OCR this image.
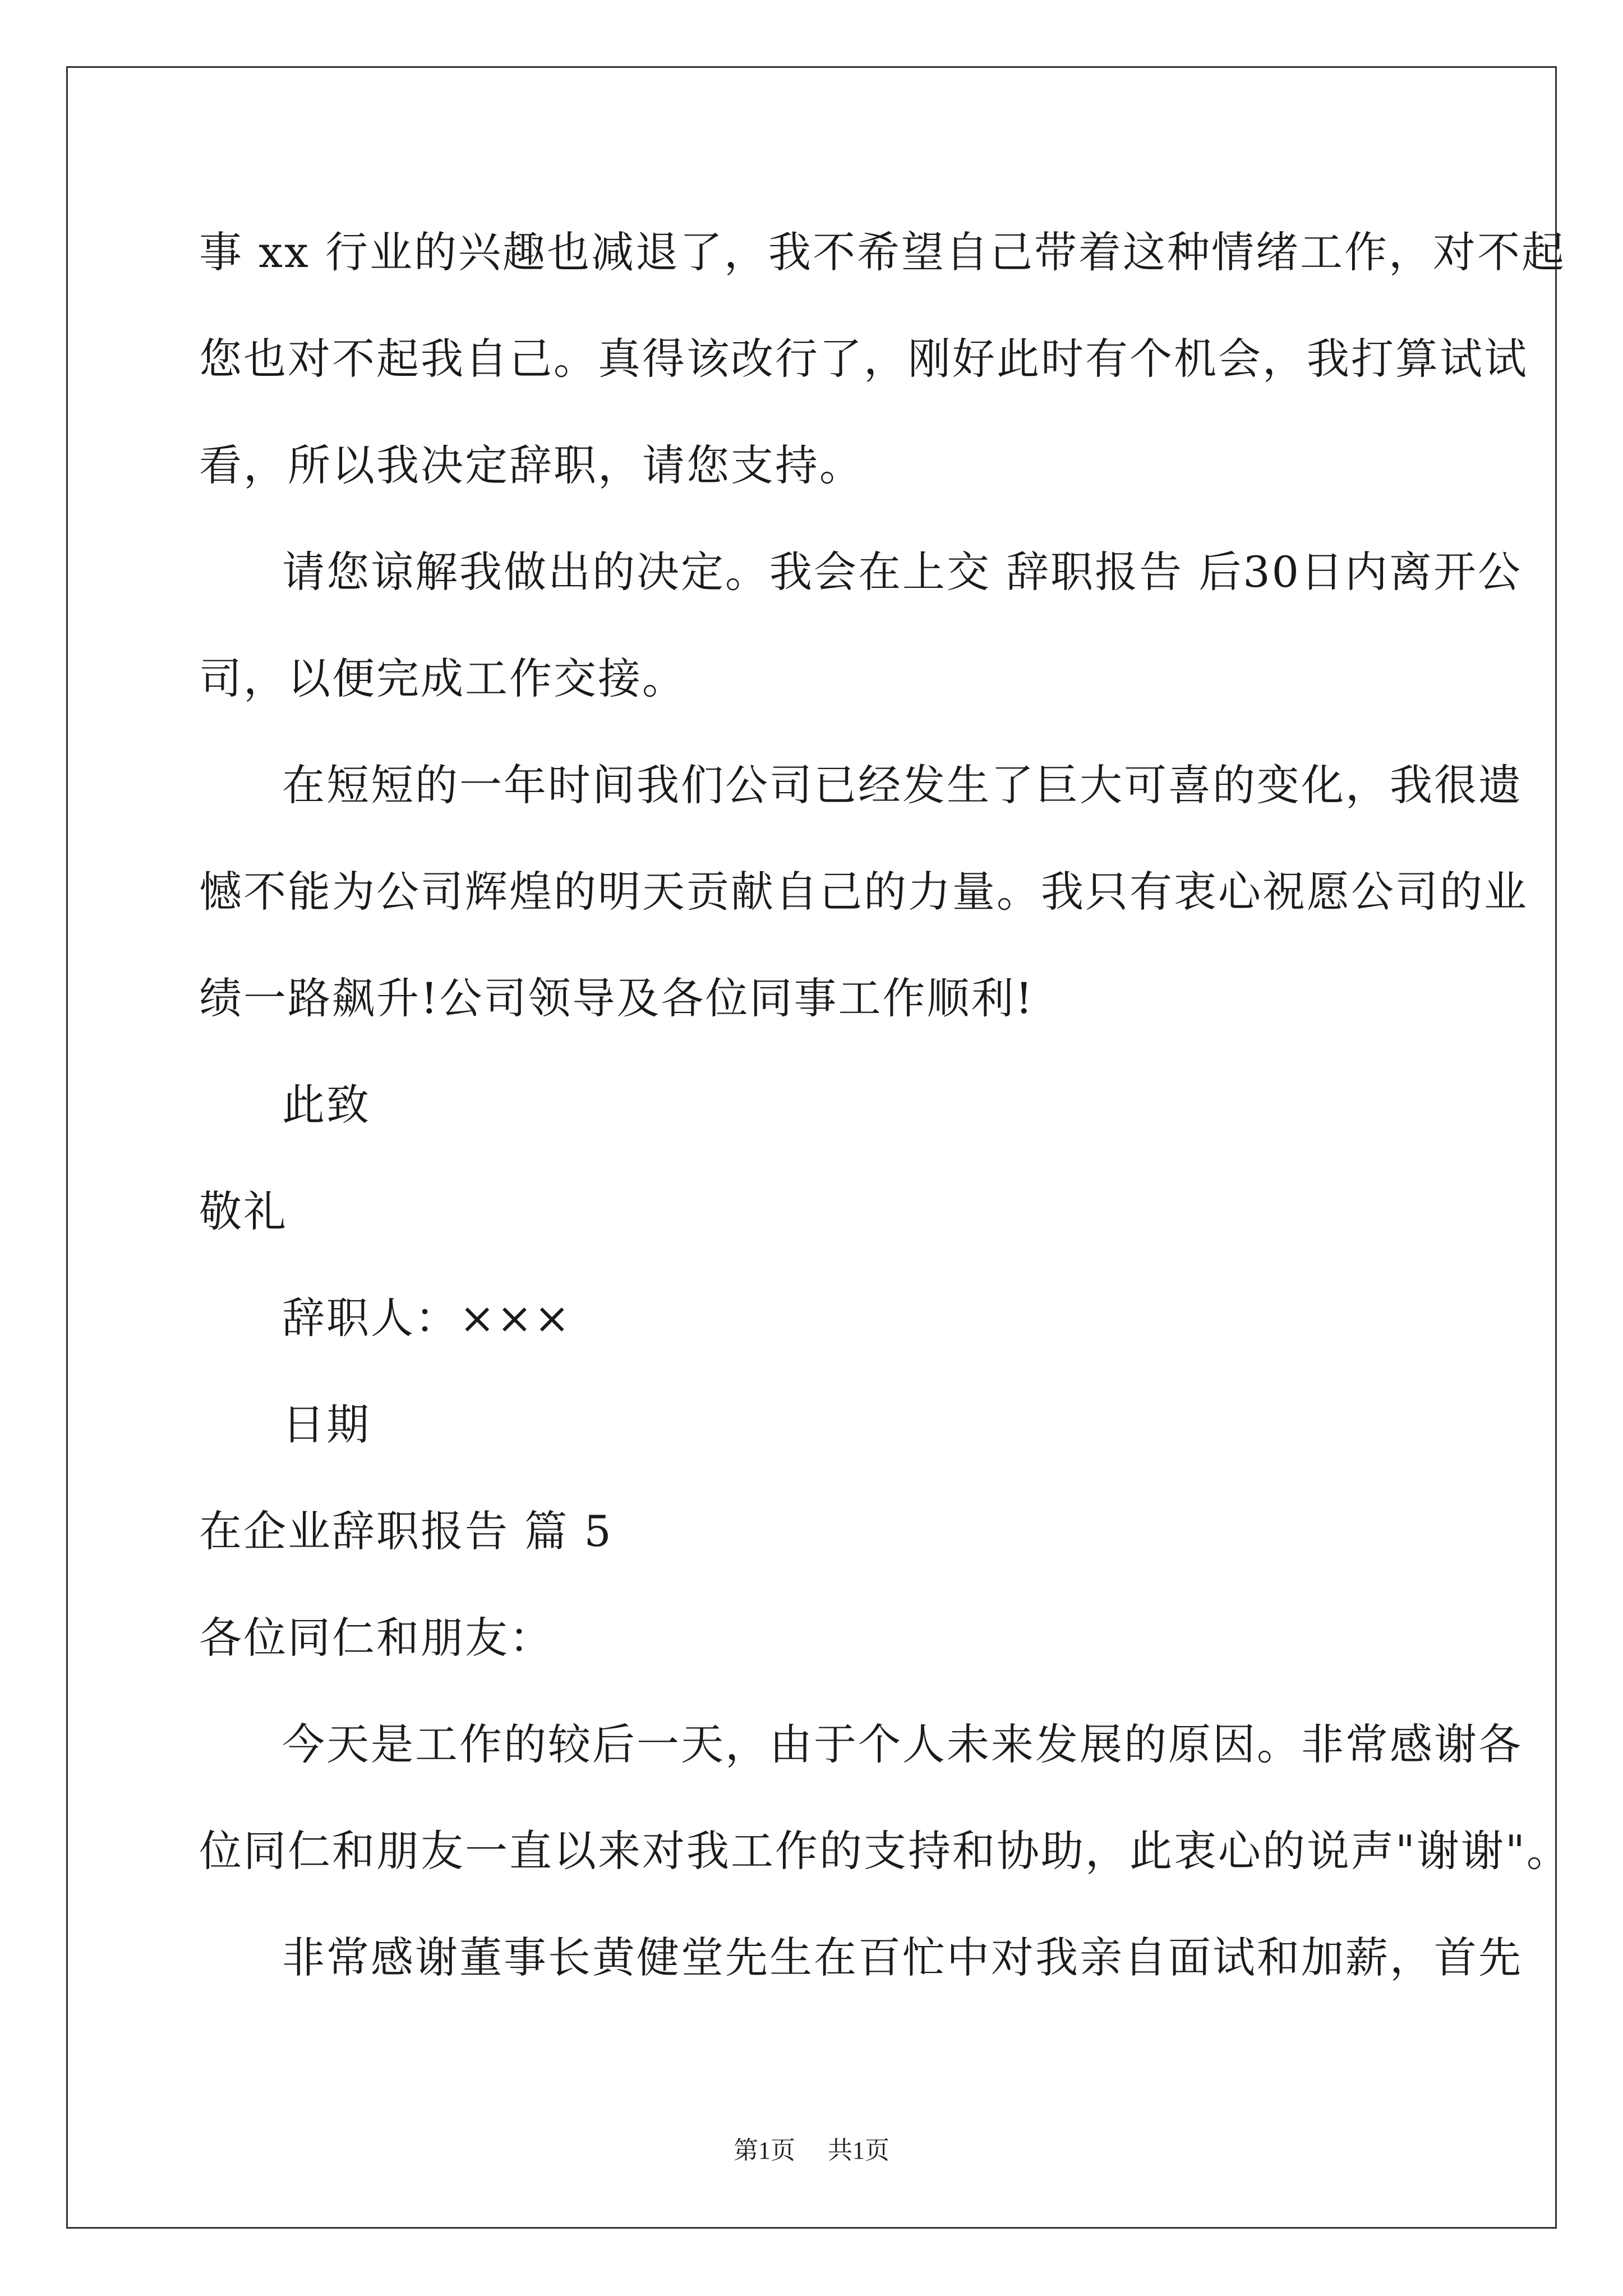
事 xx 行业的兴趣也减退了，我不希望自己带着这种情绪工作，对不起
您也对不起我自己。真得该改行了，刚好此时有个机会，我打算试试
看，所以我决定辞职，请您支持。
请您谅解我做出的决定。我会在上交 辞职报告 后30日内离开公
司，以便完成工作交接。
在短短的一年时间我们公司已经发生了巨大可喜的变化，我很遗
憾不能为公司辉煌的明天贡献自己的力量。我只有衷心祝愿公司的业
绩一路飙升!公司领导及各位同事工作顺利!
此致
敬礼
辞职人：×××
日期
在企业辞职报告 篇 5
各位同仁和朋友：
今天是工作的较后一天，由于个人未来发展的原因。非常感谢各
位同仁和朋友一直以来对我工作的支持和协助，此衷心的说声"谢谢"。
非常感谢董事长黄健堂先生在百忙中对我亲自面试和加薪，首先
第1页 共1页
